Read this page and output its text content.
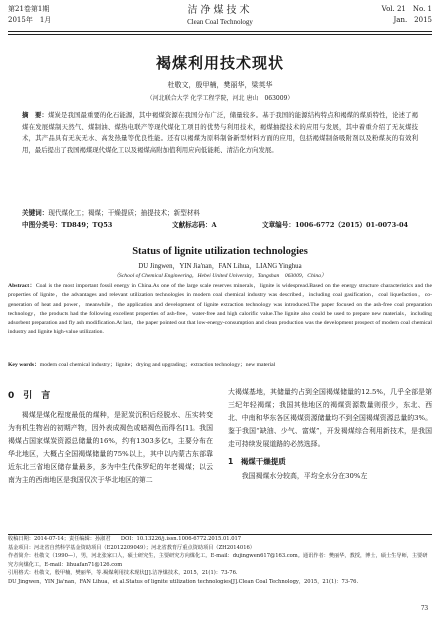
第21卷第1期
2015年　1月
洁净煤技术
Clean Coal Technology
Vol. 21　No. 1
Jan.　2015
褐煤利用技术现状
杜敬文，殷甲楠，樊丽华，梁英华
（河北联合大学 化学工程学院，河北 唐山　063009）
摘　要：煤炭是我国最重要的化石能源，其中褐煤资源在我国分布广泛，储量较多。基于我国的能源结构特点和褐煤的煤质特性，论述了褐煤在发展煤制天然气、煤制油、煤热电联产等现代煤化工项目的优势与利用技术，褐煤抽提技术的应用与发展，其中着重介绍了无灰煤技术，其产品具有无灰无水、高发热量等优良性能。还有以褐煤为原料制备新型材料方面的应用，包括褐煤制备吸附剂以及粉煤灰的有效利用，最后提出了我国褐煤现代煤化工以及褐煤高附加值利用应向低能耗、清洁化方向发展。
关键词：现代煤化工；褐煤；干燥提质；抽提技术；新型材料
中图分类号：TD849；TQ53	文献标志码：A	文章编号：1006-6772（2015）01-0073-04
Status of lignite utilization technologies
DU Jingwen，YIN Jia'nan，FAN Lihua，LIANG Yinghua
（School of Chemical Engineering，Hebei United University，Tangshan　063009，China）
Abstract：Coal is the most important fossil energy in China.As one of the large scale reserves minerals，lignite is widespread.Based on the energy structure characteristics and the properties of lignite，the advantages and relevant utilization technologies in modern coal chemical industry was described，including coal gasification，coal liquefaction，co-generation of heat and power，meanwhile，the application and development of lignite extraction technology was introduced.The paper focused on the ash-free coal preparation technology，the products had the following excellent properties of ash-free，water-free and high calorific value.The lignite also could be used to prepare new materials，including adsorbent preparation and fly ash modification.At last，the paper pointed out that low-energy-consumption and clean production was the development prospect of modern coal chemical industry and lignite high-value utilization.
Key words：modern coal chemical industry；lignite；drying and upgrading；extraction technology；new material
0　引　言
褐煤是煤化程度最低的煤种，是泥炭沉积后经脱水、压实转变为有机生物岩的初期产物，因外表成褐色或暗褐色而得名[1]。我国褐煤占国家煤炭资源总储量的16%，约有1303多亿t，主要分布在华北地区，大概占全国褐煤储量的75%以上，其中以内蒙古东部靠近东北三省地区储存量最多，多为中生代侏罗纪的年老褐煤；以云南为主的西南地区是我国仅次于华北地区的第二
大褐煤基地，其储量约占到全国褐煤储量的12.5%，几乎全部是第三纪年轻褐煤；我国其他地区的褐煤资源数量则很少，东北、西北、中南和华东各区褐煤资源储量均不到全国褐煤资源总量的3%。鉴于我国“缺油、少气、富煤”，开发褐煤综合利用新技术，是我国走可持续发展道路的必然选择。
1　褐煤干燥提质
我国褐煤水分较高，平均全水分在30%左
收稿日期：2014-07-14；责任编辑：孙淑君　　DOI：10.13226/j.issn.1006-6772.2015.01.017
基金项目：河北省自然科学基金资助项目（E2012209049）；河北省教育厅重点资助项目（ZH2014016）
作者简介：杜敬文（1990—），男，河北张家口人，硕士研究生，主要研究方向煤化工。E-mail：dujingwen617@163.com。通讯作者：樊丽华，教授，博士，硕士生导师，主要研究方向煤化工。E-mail：lihuafan71@126.com
引用格式：杜敬文，殷甲楠，樊丽华，等.褐煤利用技术现状[J].洁净煤技术，2015，21(1)：73-76.
DU Jingwen，YIN Jia'nan，FAN Lihua，et al.Status of lignite utilization technologies[J].Clean Coal Technology，2015，21(1)：73-76.
73
